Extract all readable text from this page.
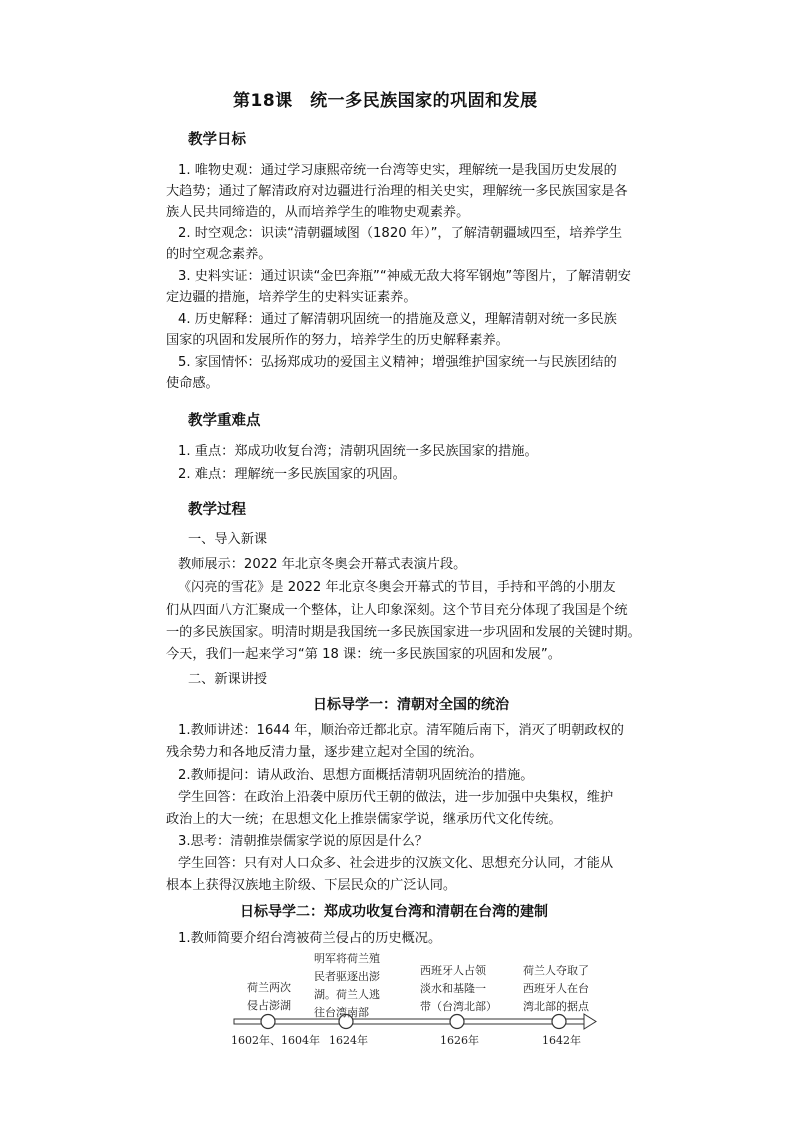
第18课　统一多民族国家的巩固和发展
教学日标
1. 唯物史观：通过学习康熙帝统一台湾等史实，理解统一是我国历史发展的
大趋势；通过了解清政府对边疆进行治理的相关史实，理解统一多民族国家是各
族人民共同缔造的，从而培养学生的唯物史观素养。
2. 时空观念：识读“清朝疆域图（1820 年）”，了解清朝疆域四至，培养学生
的时空观念素养。
3. 史料实证：通过识读“金巴奔瓶”“神威无敌大将军钢炮”等图片，了解清朝安
定边疆的措施，培养学生的史料实证素养。
4. 历史解释：通过了解清朝巩固统一的措施及意义，理解清朝对统一多民族
国家的巩固和发展所作的努力，培养学生的历史解释素养。
5. 家国情怀：弘扬郑成功的爱国主义精神；增强维护国家统一与民族团结的
使命感。
教学重难点
1. 重点：郑成功收复台湾；清朝巩固统一多民族国家的措施。
2. 难点：理解统一多民族国家的巩固。
教学过程
一、导入新课
教师展示：2022 年北京冬奥会开幕式表演片段。
《闪亮的雪花》是 2022 年北京冬奥会开幕式的节目，手持和平鸽的小朋友
们从四面八方汇聚成一个整体，让人印象深刻。这个节目充分体现了我国是个统
一的多民族国家。明清时期是我国统一多民族国家进一步巩固和发展的关键时期。
今天，我们一起来学习“第 18 课：统一多民族国家的巩固和发展”。
二、新课讲授
日标导学一：清朝对全国的统治
1.教师讲述：1644 年，顺治帝迁都北京。清军随后南下，消灭了明朝政权的
残余势力和各地反清力量，逐步建立起对全国的统治。
2.教师提问：请从政治、思想方面概括清朝巩固统治的措施。
学生回答：在政治上沿袭中原历代王朝的做法，进一步加强中央集权，维护
政治上的大一统；在思想文化上推崇儒家学说，继承历代文化传统。
3.思考：清朝推崇儒家学说的原因是什么？
学生回答：只有对人口众多、社会进步的汉族文化、思想充分认同，才能从
根本上获得汉族地主阶级、下层民众的广泛认同。
日标导学二：郑成功收复台湾和清朝在台湾的建制
1.教师简要介绍台湾被荷兰侵占的历史概况。
荷兰两次
侵占澎湖
明军将荷兰殖
民者驱逐出澎
湖。荷兰人逃
往台湾南部
西班牙人占领
淡水和基隆一
带（台湾北部）
荷兰人夺取了
西班牙人在台
湾北部的据点
1602年、1604年 1624年	1626年	1642年
